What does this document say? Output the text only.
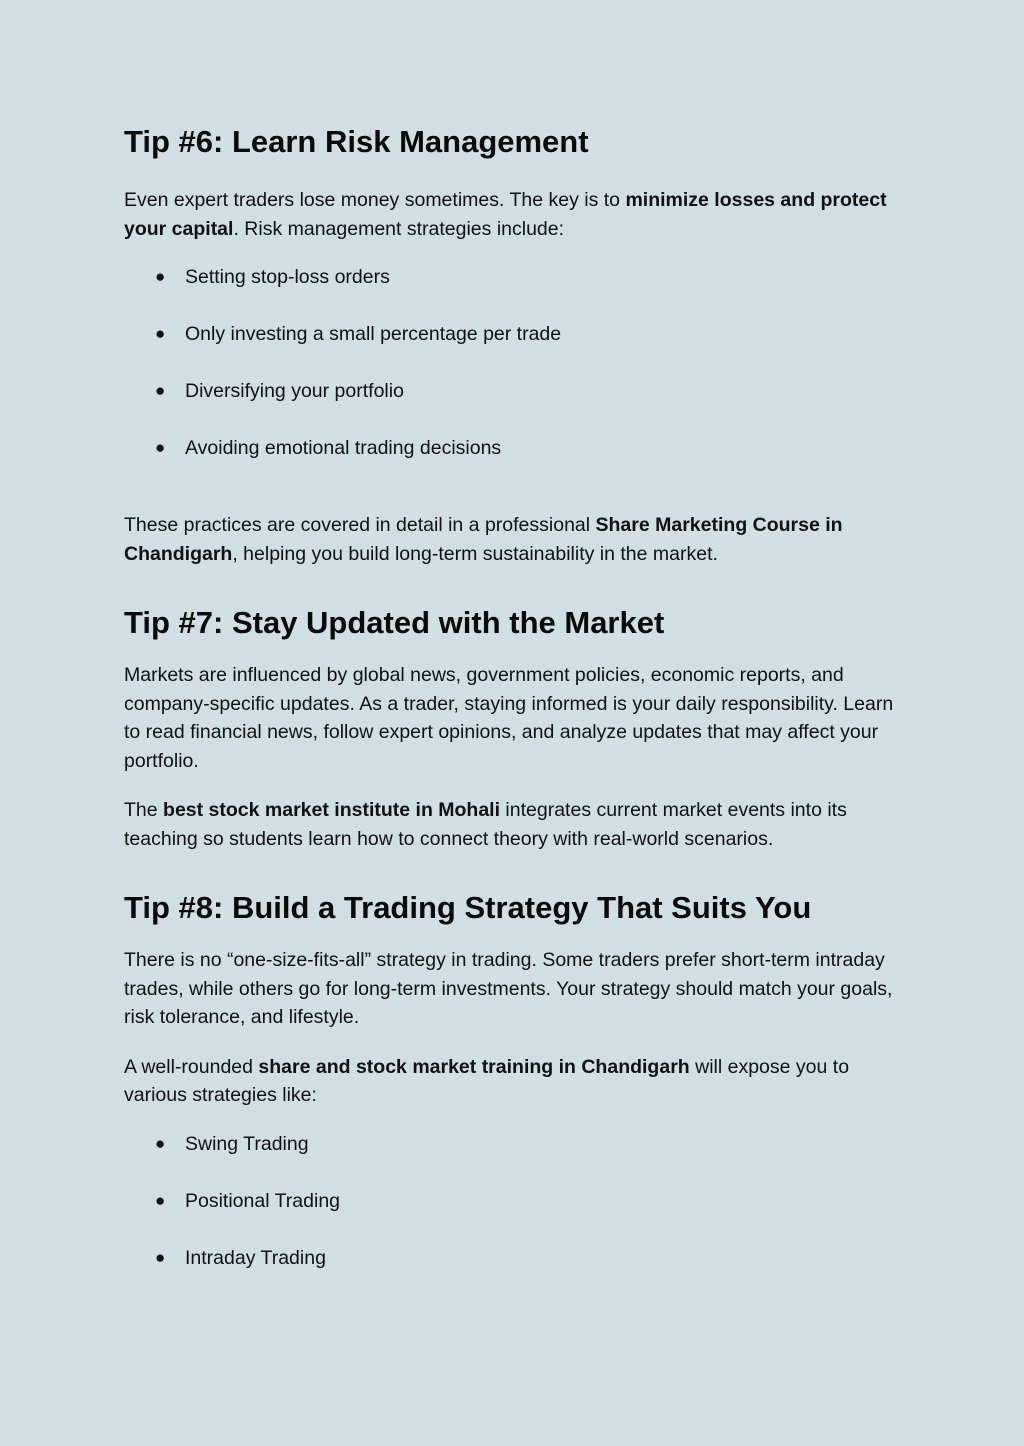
Tip #6: Learn Risk Management

Even expert traders lose money sometimes. The key is to minimize losses and protect your capital. Risk management strategies include:

● Setting stop-loss orders
● Only investing a small percentage per trade
● Diversifying your portfolio
● Avoiding emotional trading decisions

These practices are covered in detail in a professional Share Marketing Course in Chandigarh, helping you build long-term sustainability in the market.

Tip #7: Stay Updated with the Market

Markets are influenced by global news, government policies, economic reports, and company-specific updates. As a trader, staying informed is your daily responsibility. Learn to read financial news, follow expert opinions, and analyze updates that may affect your portfolio.

The best stock market institute in Mohali integrates current market events into its teaching so students learn how to connect theory with real-world scenarios.

Tip #8: Build a Trading Strategy That Suits You

There is no “one-size-fits-all” strategy in trading. Some traders prefer short-term intraday trades, while others go for long-term investments. Your strategy should match your goals, risk tolerance, and lifestyle.

A well-rounded share and stock market training in Chandigarh will expose you to various strategies like:

● Swing Trading
● Positional Trading
● Intraday Trading
